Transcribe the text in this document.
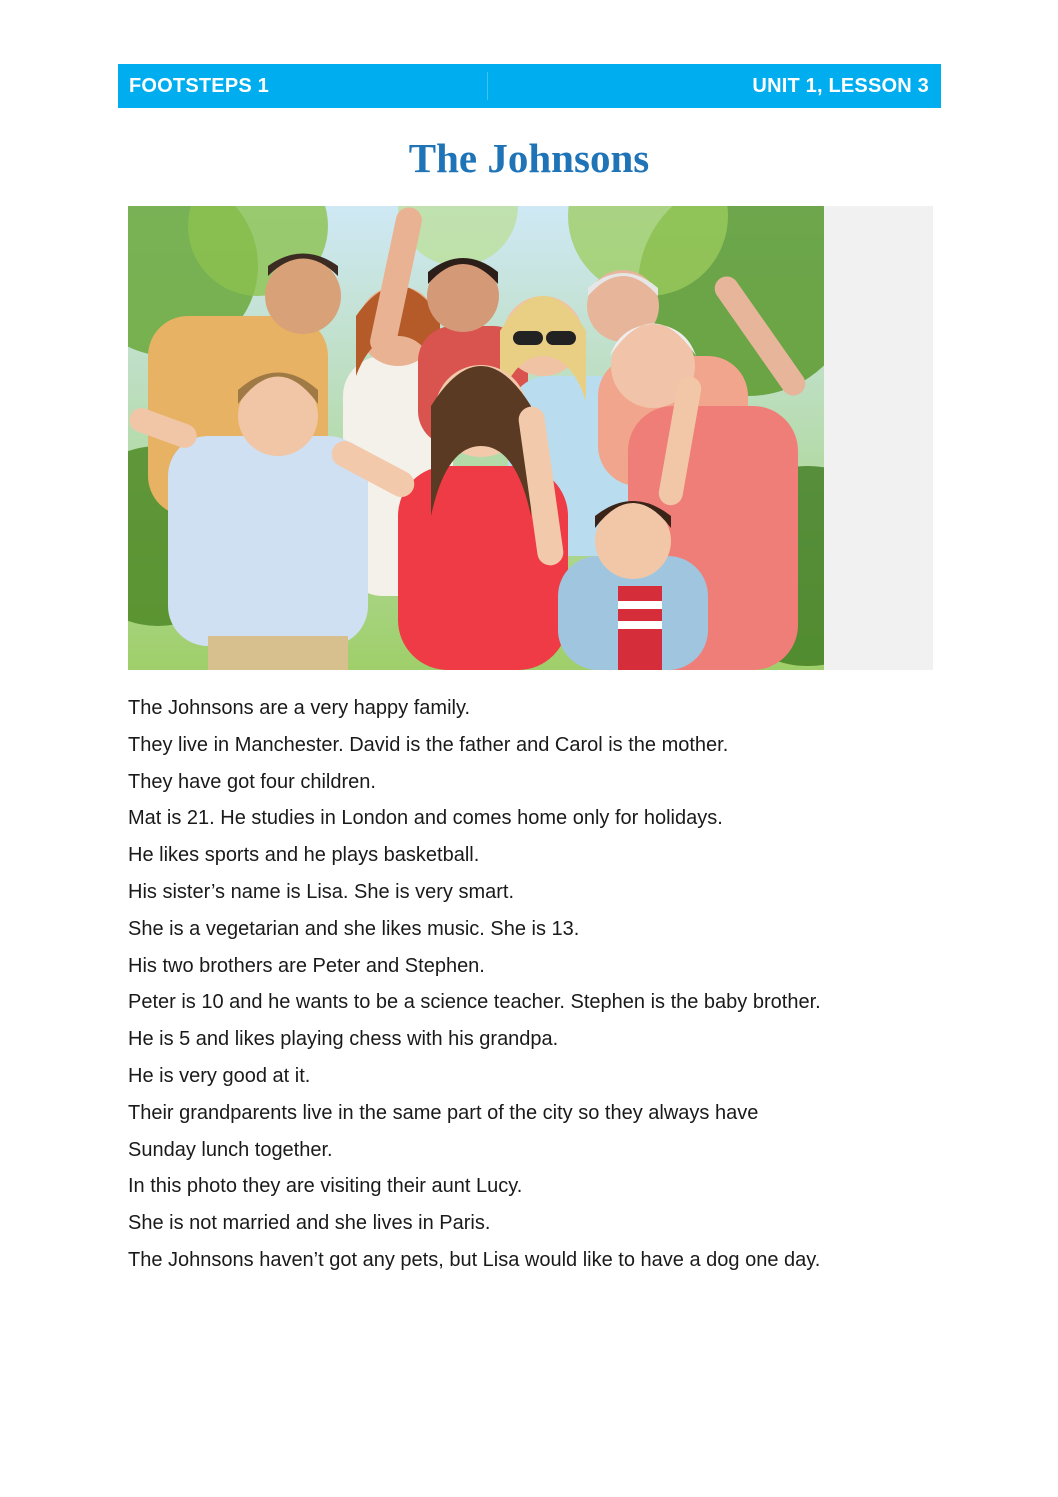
FOOTSTEPS 1	UNIT 1, LESSON 3
The Johnsons
The Johnsons are a very happy family.
They live in Manchester. David is the father and Carol is the mother.
They have got four children.
Mat is 21. He studies in London and comes home only for holidays.
He likes sports and he plays basketball.
His sister’s name is Lisa. She is very smart.
She is a vegetarian and she likes music. She is 13.
His two brothers are Peter and Stephen.
Peter is 10 and he wants to be a science teacher. Stephen is the baby brother.
He is 5 and likes playing chess with his grandpa.
He is very good at it.
Their grandparents live in the same part of the city so they always have
Sunday lunch together.
In this photo they are visiting their aunt Lucy.
She is not married and she lives in Paris.
The Johnsons haven’t got any pets, but Lisa would like to have a dog one day.
